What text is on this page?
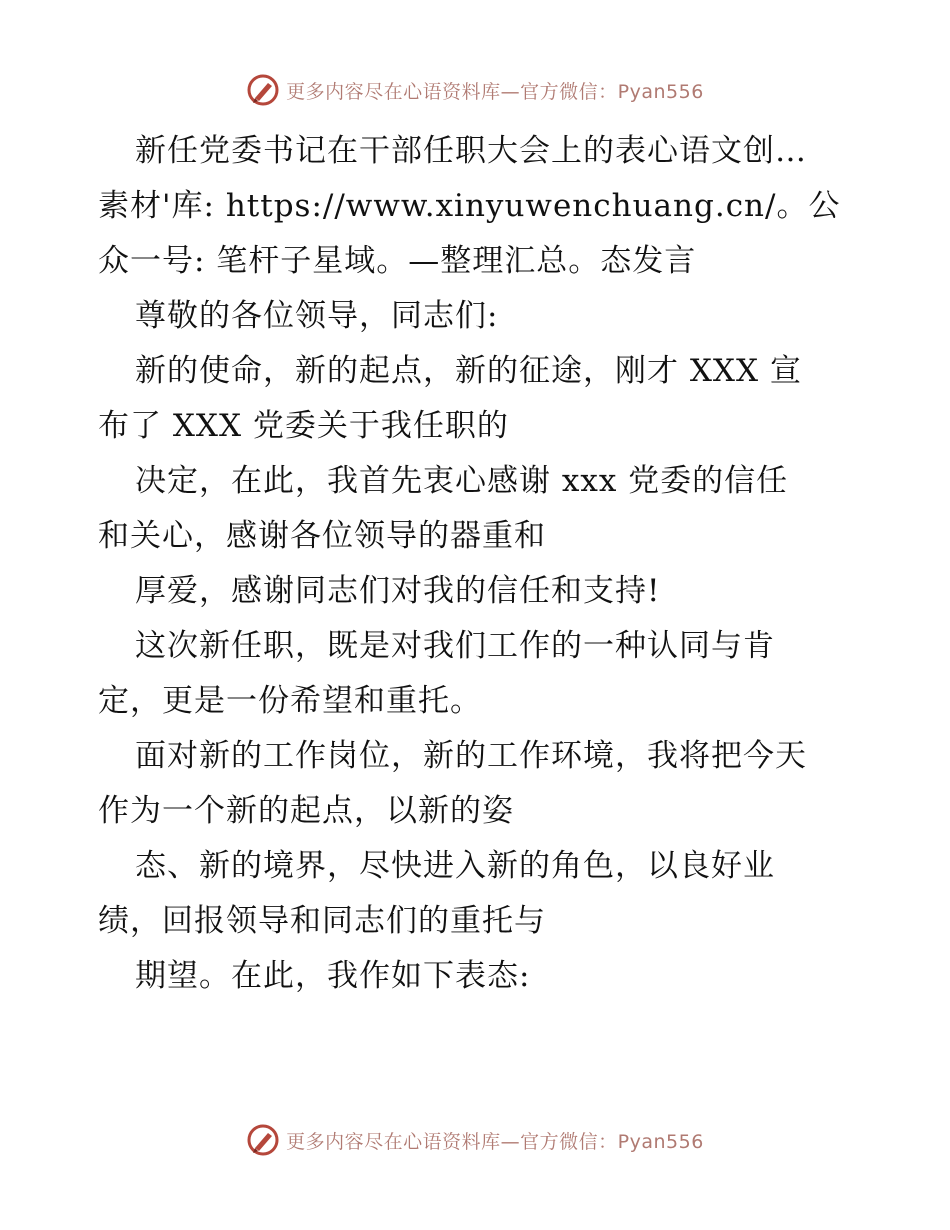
更多内容尽在心语资料库—官方微信：Pyan556
新任党委书记在干部任职大会上的表心语文创…
素材'库: https://www.xinyuwenchuang.cn/。公
众一号: 笔杆子星域。—整理汇总。态发言
尊敬的各位领导，同志们:
新的使命，新的起点，新的征途，刚才 XXX 宣
布了 XXX 党委关于我任职的
决定，在此，我首先衷心感谢 xxx 党委的信任
和关心，感谢各位领导的器重和
厚爱，感谢同志们对我的信任和支持!
这次新任职，既是对我们工作的一种认同与肯
定，更是一份希望和重托。
面对新的工作岗位，新的工作环境，我将把今天
作为一个新的起点，以新的姿
态、新的境界，尽快进入新的角色，以良好业
绩，回报领导和同志们的重托与
期望。在此，我作如下表态:
更多内容尽在心语资料库—官方微信：Pyan556
